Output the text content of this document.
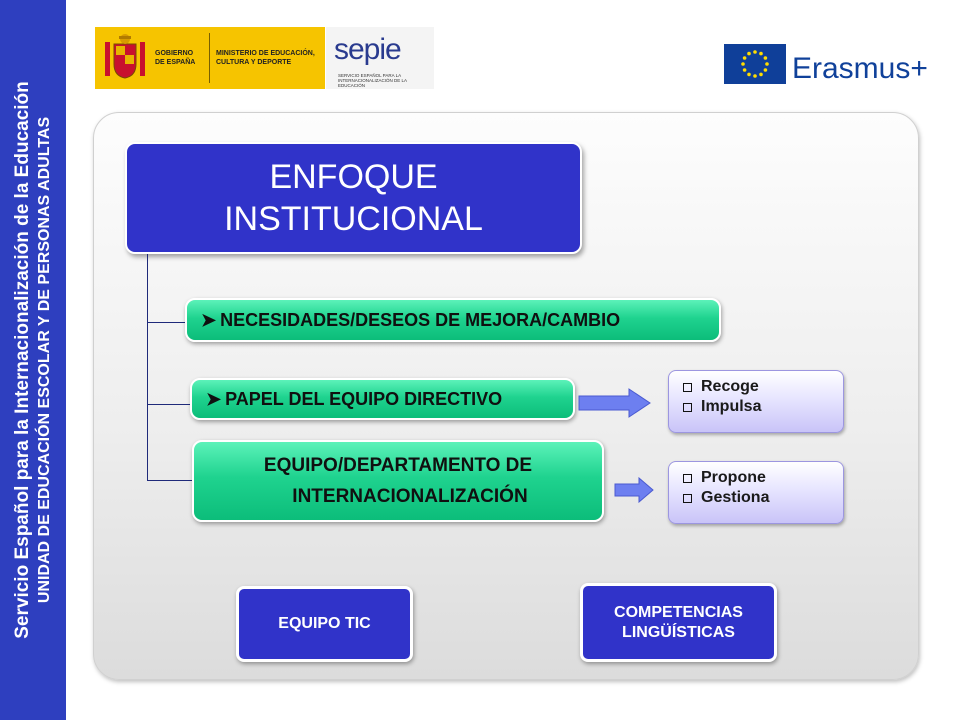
Servicio Español para la Internacionalización de la Educación UNIDAD DE EDUCACIÓN ESCOLAR Y DE PERSONAS ADULTAS
GOBIERNO DE ESPAÑA
MINISTERIO DE EDUCACIÓN, CULTURA Y DEPORTE	sepie
SERVICIO ESPAÑOL PARA LA INTERNACIONALIZACIÓN DE LA EDUCACIÓN
Erasmus+
ENFOQUE INSTITUCIONAL
➤ NECESIDADES/DESEOS DE MEJORA/CAMBIO
➤ PAPEL DEL EQUIPO DIRECTIVO
EQUIPO/DEPARTAMENTO DE
INTERNACIONALIZACIÓN
Recoge
Impulsa
Propone
Gestiona
EQUIPO TIC
COMPETENCIAS LINGÜÍSTICAS
